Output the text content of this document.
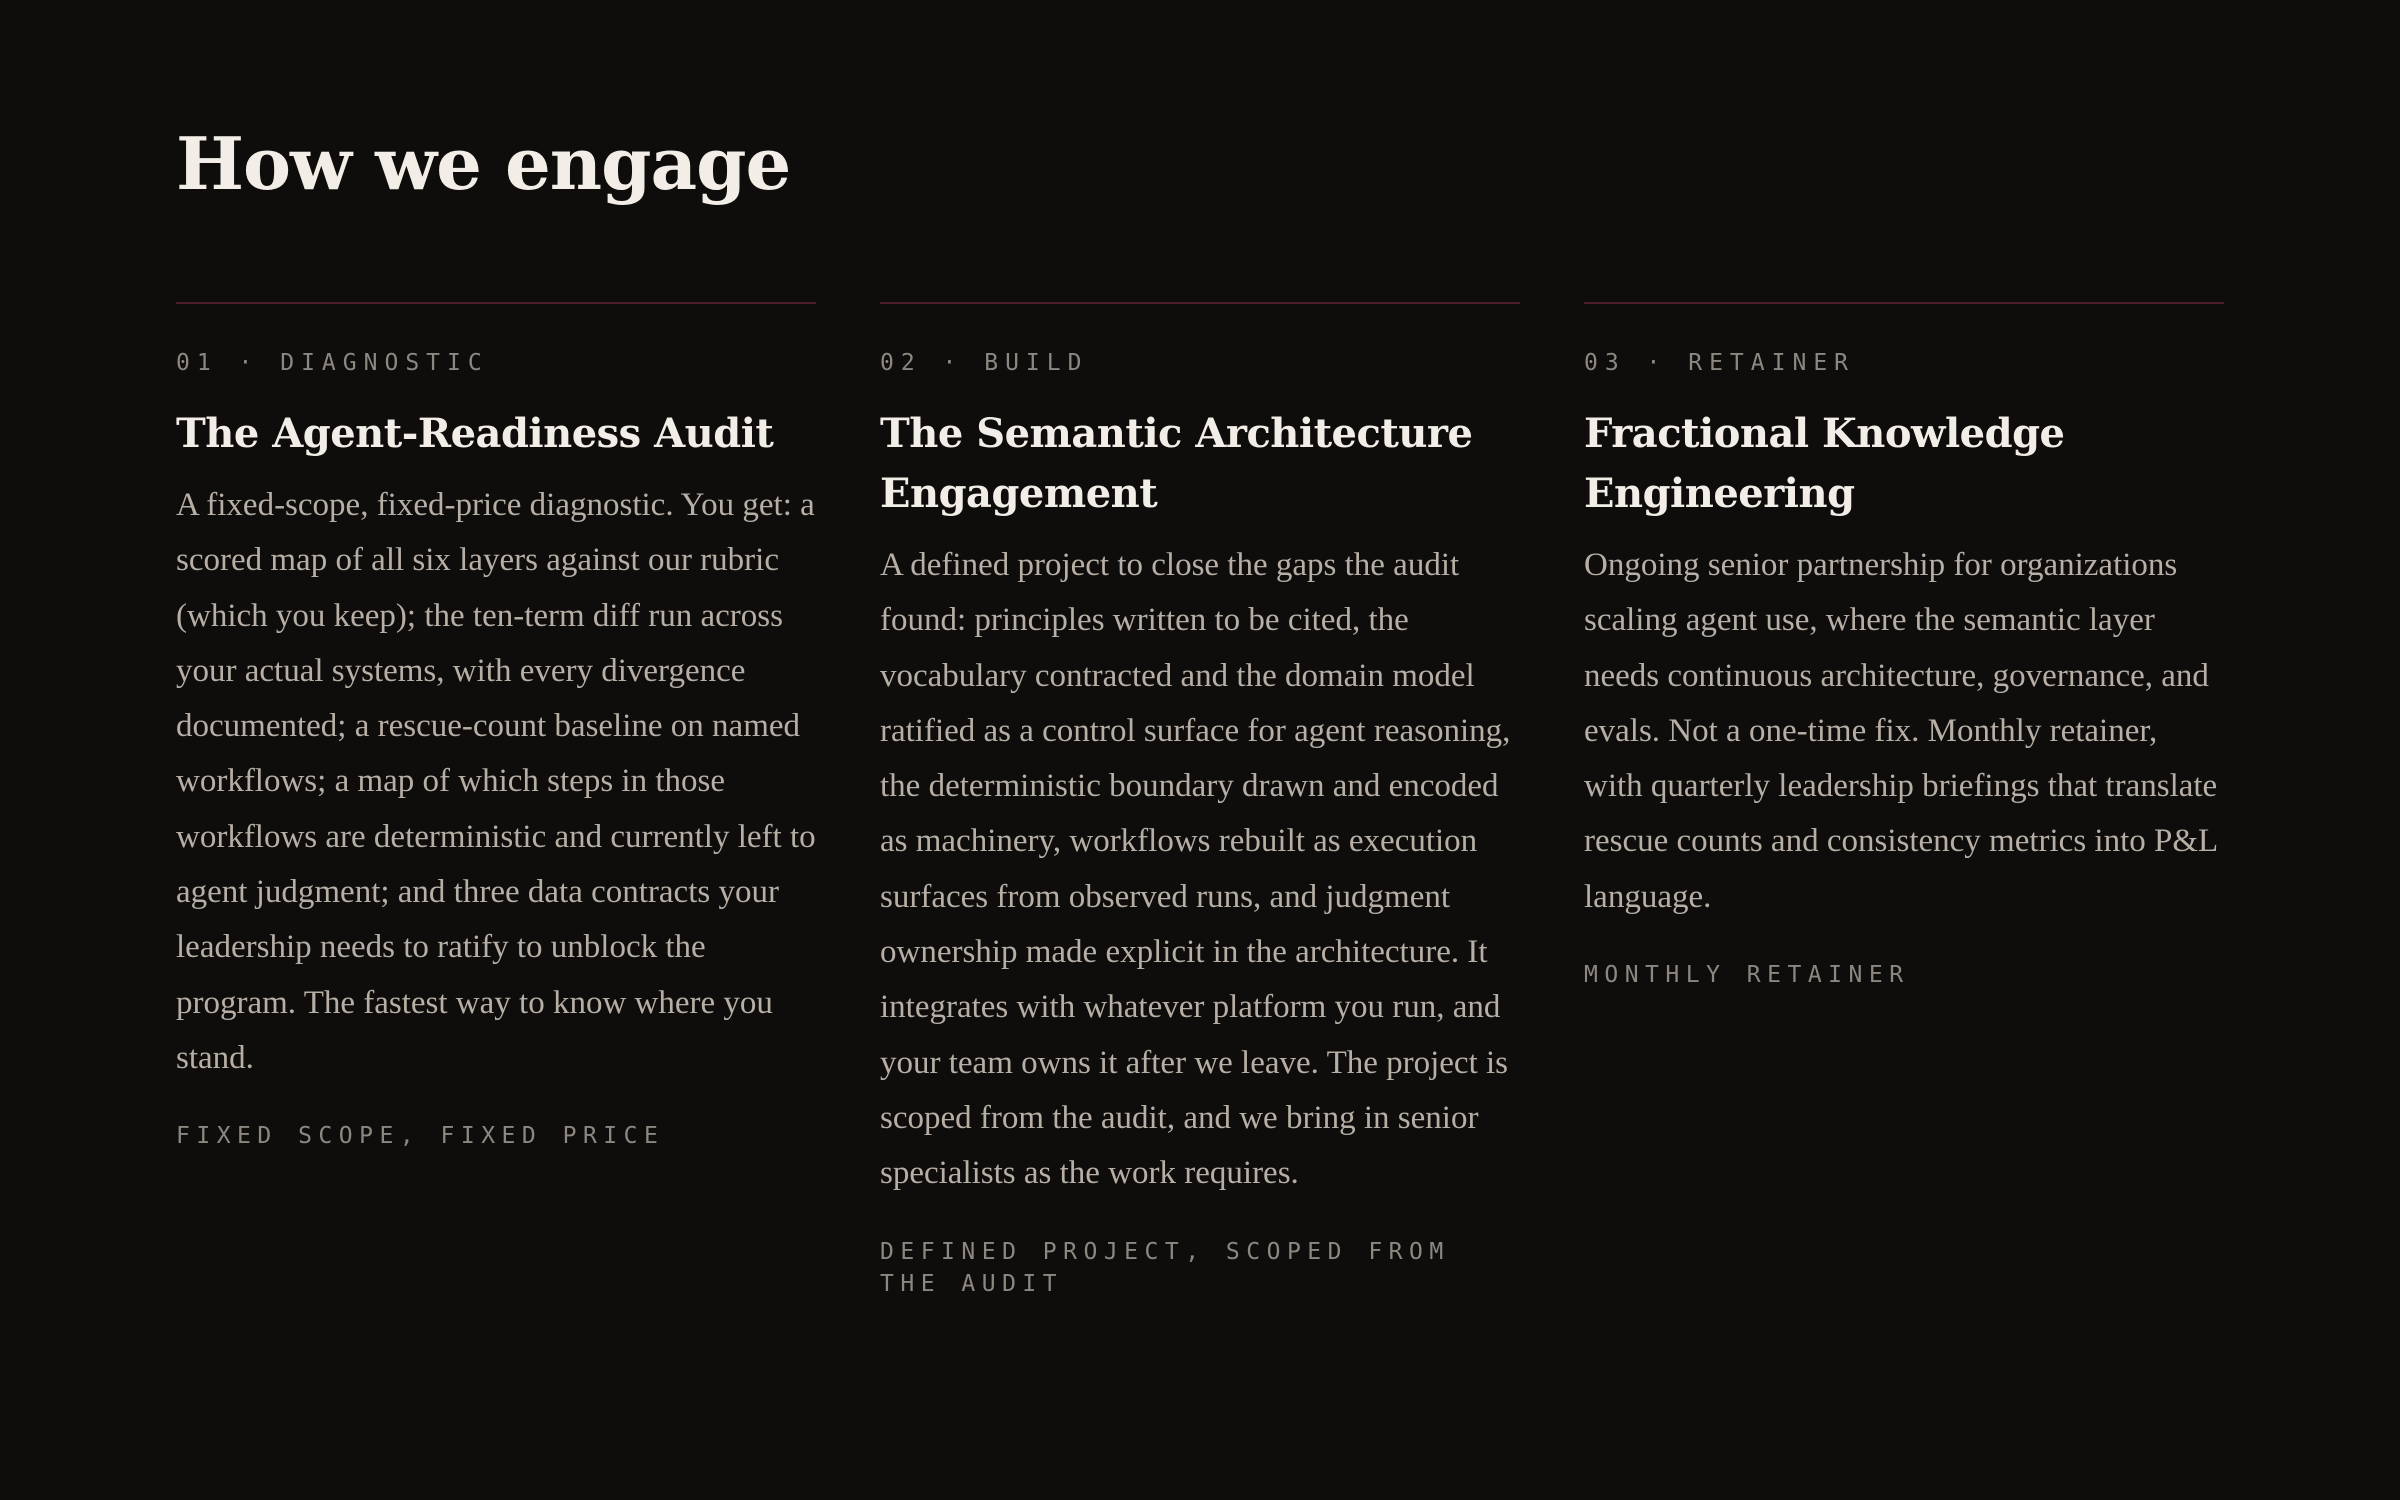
How we engage
01 · DIAGNOSTIC
The Agent-Readiness Audit

A fixed-scope, fixed-price diagnostic. You get: a scored map of all six layers against our rubric (which you keep); the ten-term diff run across your actual systems, with every divergence documented; a rescue-count baseline on named workflows; a map of which steps in those workflows are deterministic and currently left to agent judgment; and three data contracts your leadership needs to ratify to unblock the program. The fastest way to know where you stand.

FIXED SCOPE, FIXED PRICE
02 · BUILD
The Semantic Architecture Engagement

A defined project to close the gaps the audit found: principles written to be cited, the vocabulary contracted and the domain model ratified as a control surface for agent reasoning, the deterministic boundary drawn and encoded as machinery, workflows rebuilt as execution surfaces from observed runs, and judgment ownership made explicit in the architecture. It integrates with whatever platform you run, and your team owns it after we leave. The project is scoped from the audit, and we bring in senior specialists as the work requires.

DEFINED PROJECT, SCOPED FROM THE AUDIT
03 · RETAINER
Fractional Knowledge Engineering

Ongoing senior partnership for organizations scaling agent use, where the semantic layer needs continuous architecture, governance, and evals. Not a one-time fix. Monthly retainer, with quarterly leadership briefings that translate rescue counts and consistency metrics into P&L language.

MONTHLY RETAINER
